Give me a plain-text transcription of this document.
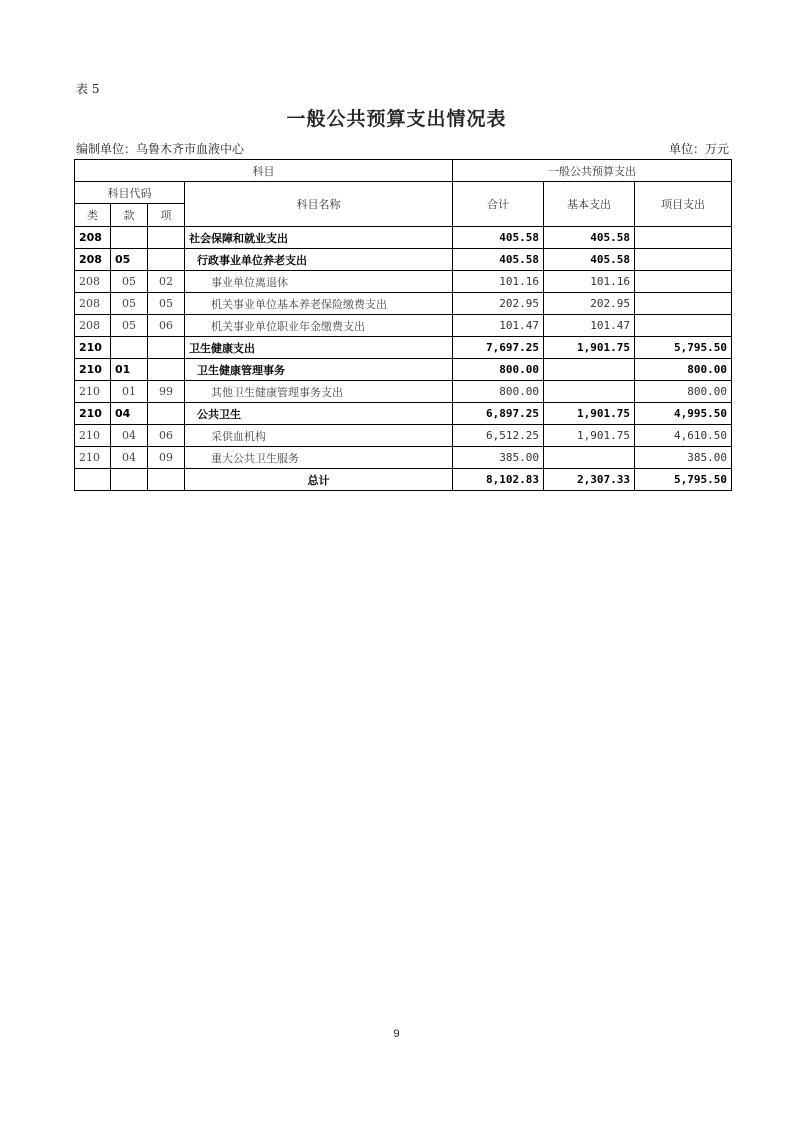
表 5
一般公共预算支出情况表
编制单位：乌鲁木齐市血液中心	单位：万元
科目				一般公共预算支出		
科目代码			科目名称	合计	基本支出	项目支出
类	款	项				
208			社会保障和就业支出	405.58	405.58	
208	05		行政事业单位养老支出	405.58	405.58	
208	05	02	事业单位离退休	101.16	101.16	
208	05	05	机关事业单位基本养老保险缴费支出	202.95	202.95	
208	05	06	机关事业单位职业年金缴费支出	101.47	101.47	
210			卫生健康支出	7,697.25	1,901.75	5,795.50
210	01		卫生健康管理事务	800.00		800.00
210	01	99	其他卫生健康管理事务支出	800.00		800.00
210	04		公共卫生	6,897.25	1,901.75	4,995.50
210	04	06	采供血机构	6,512.25	1,901.75	4,610.50
210	04	09	重大公共卫生服务	385.00		385.00
			总计	8,102.83	2,307.33	5,795.50
9
